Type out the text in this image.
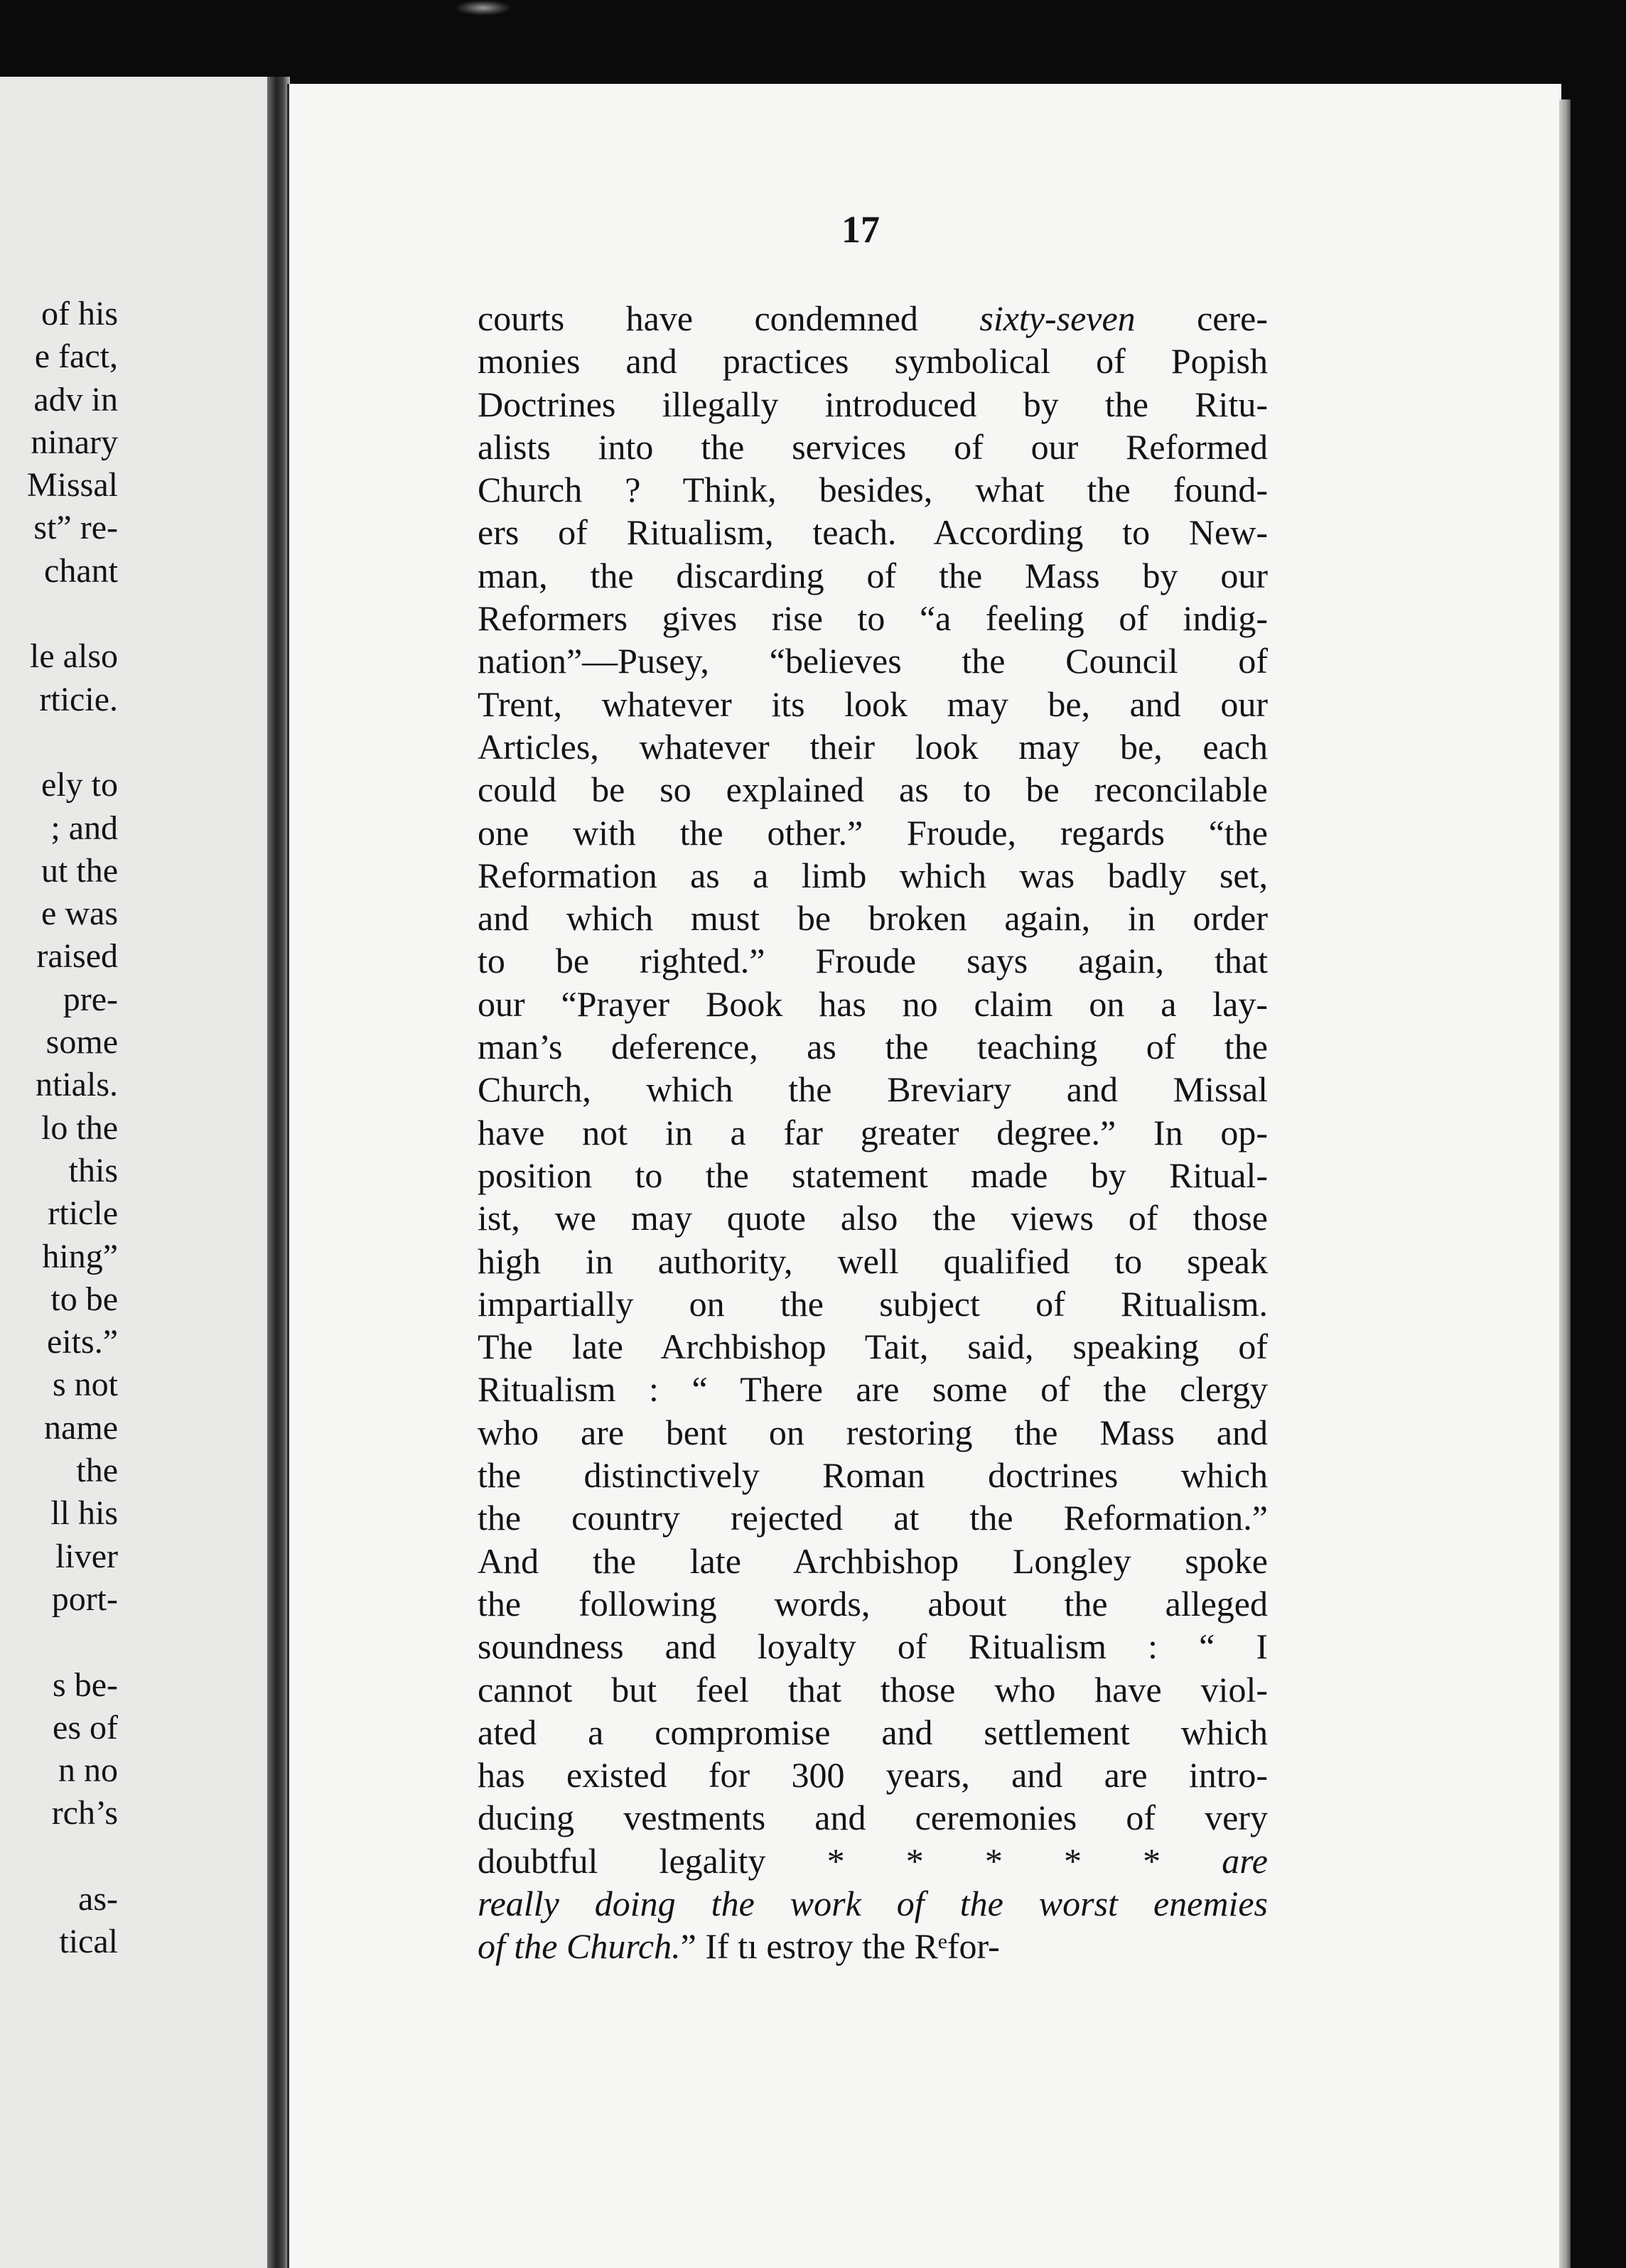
of his
e fact,
adv in
ninary
Missal
st” re-
chant
le also
rticie.
ely to
; and
ut the
e was
raised
pre-
some
ntials.
lo the
this
rticle
hing”
to be
eits.”
s not
name
the
ll his
liver
port-
s be-
es of
n no
rch’s
as-
tical
17
courts have condemned sixty-seven cere-
monies and practices symbolical of Popish
Doctrines illegally introduced by the Ritu-
alists into the services of our Reformed
Church ? Think, besides, what the found-
ers of Ritualism, teach. According to New-
man, the discarding of the Mass by our
Reformers gives rise to “a feeling of indig-
nation”—Pusey, “believes the Council of
Trent, whatever its look may be, and our
Articles, whatever their look may be, each
could be so explained as to be reconcilable
one with the other.” Froude, regards “the
Reformation as a limb which was badly set,
and which must be broken again, in order
to be righted.” Froude says again, that
our “Prayer Book has no claim on a lay-
man’s deference, as the teaching of the
Church, which the Breviary and Missal
have not in a far greater degree.” In op-
position to the statement made by Ritual-
ist, we may quote also the views of those
high in authority, well qualified to speak
impartially on the subject of Ritualism.
The late Archbishop Tait, said, speaking of
Ritualism : “ There are some of the clergy
who are bent on restoring the Mass and
the distinctively Roman doctrines which
the country rejected at the Reformation.”
And the late Archbishop Longley spoke
the following words, about the alleged
soundness and loyalty of Ritualism : “ I
cannot but feel that those who have viol-
ated a compromise and settlement which
has existed for 300 years, and are intro-
ducing vestments and ceremonies of very
doubtful legality * * * * * are
really doing the work of the worst enemies
of the Church.” If tı estroy the Rᵉfor-
